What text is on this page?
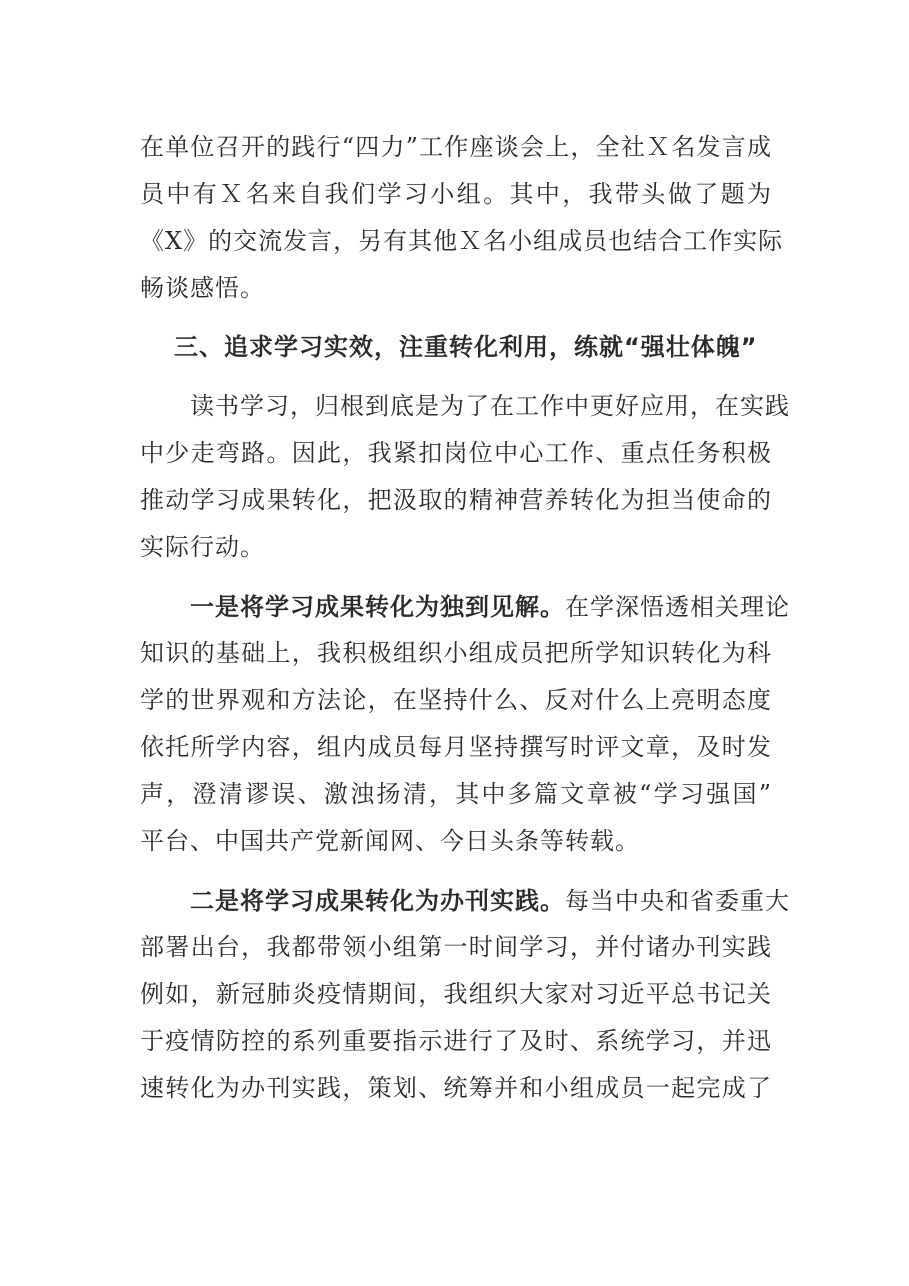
在单位召开的践行“四力”工作座谈会上，全社Ｘ名发言成
员中有Ｘ名来自我们学习小组。其中，我带头做了题为
《X》的交流发言，另有其他Ｘ名小组成员也结合工作实际
畅谈感悟。
三、追求学习实效，注重转化利用，练就“强壮体魄”
　　读书学习，归根到底是为了在工作中更好应用，在实践
中少走弯路。因此，我紧扣岗位中心工作、重点任务积极
推动学习成果转化，把汲取的精神营养转化为担当使命的
实际行动。
　　一是将学习成果转化为独到见解。在学深悟透相关理论
知识的基础上，我积极组织小组成员把所学知识转化为科
学的世界观和方法论，在坚持什么、反对什么上亮明态度
依托所学内容，组内成员每月坚持撰写时评文章，及时发
声，澄清谬误、激浊扬清，其中多篇文章被“学习强国”
平台、中国共产党新闻网、今日头条等转载。
　　二是将学习成果转化为办刊实践。每当中央和省委重大
部署出台，我都带领小组第一时间学习，并付诸办刊实践
例如，新冠肺炎疫情期间，我组织大家对习近平总书记关
于疫情防控的系列重要指示进行了及时、系统学习，并迅
速转化为办刊实践，策划、统筹并和小组成员一起完成了
